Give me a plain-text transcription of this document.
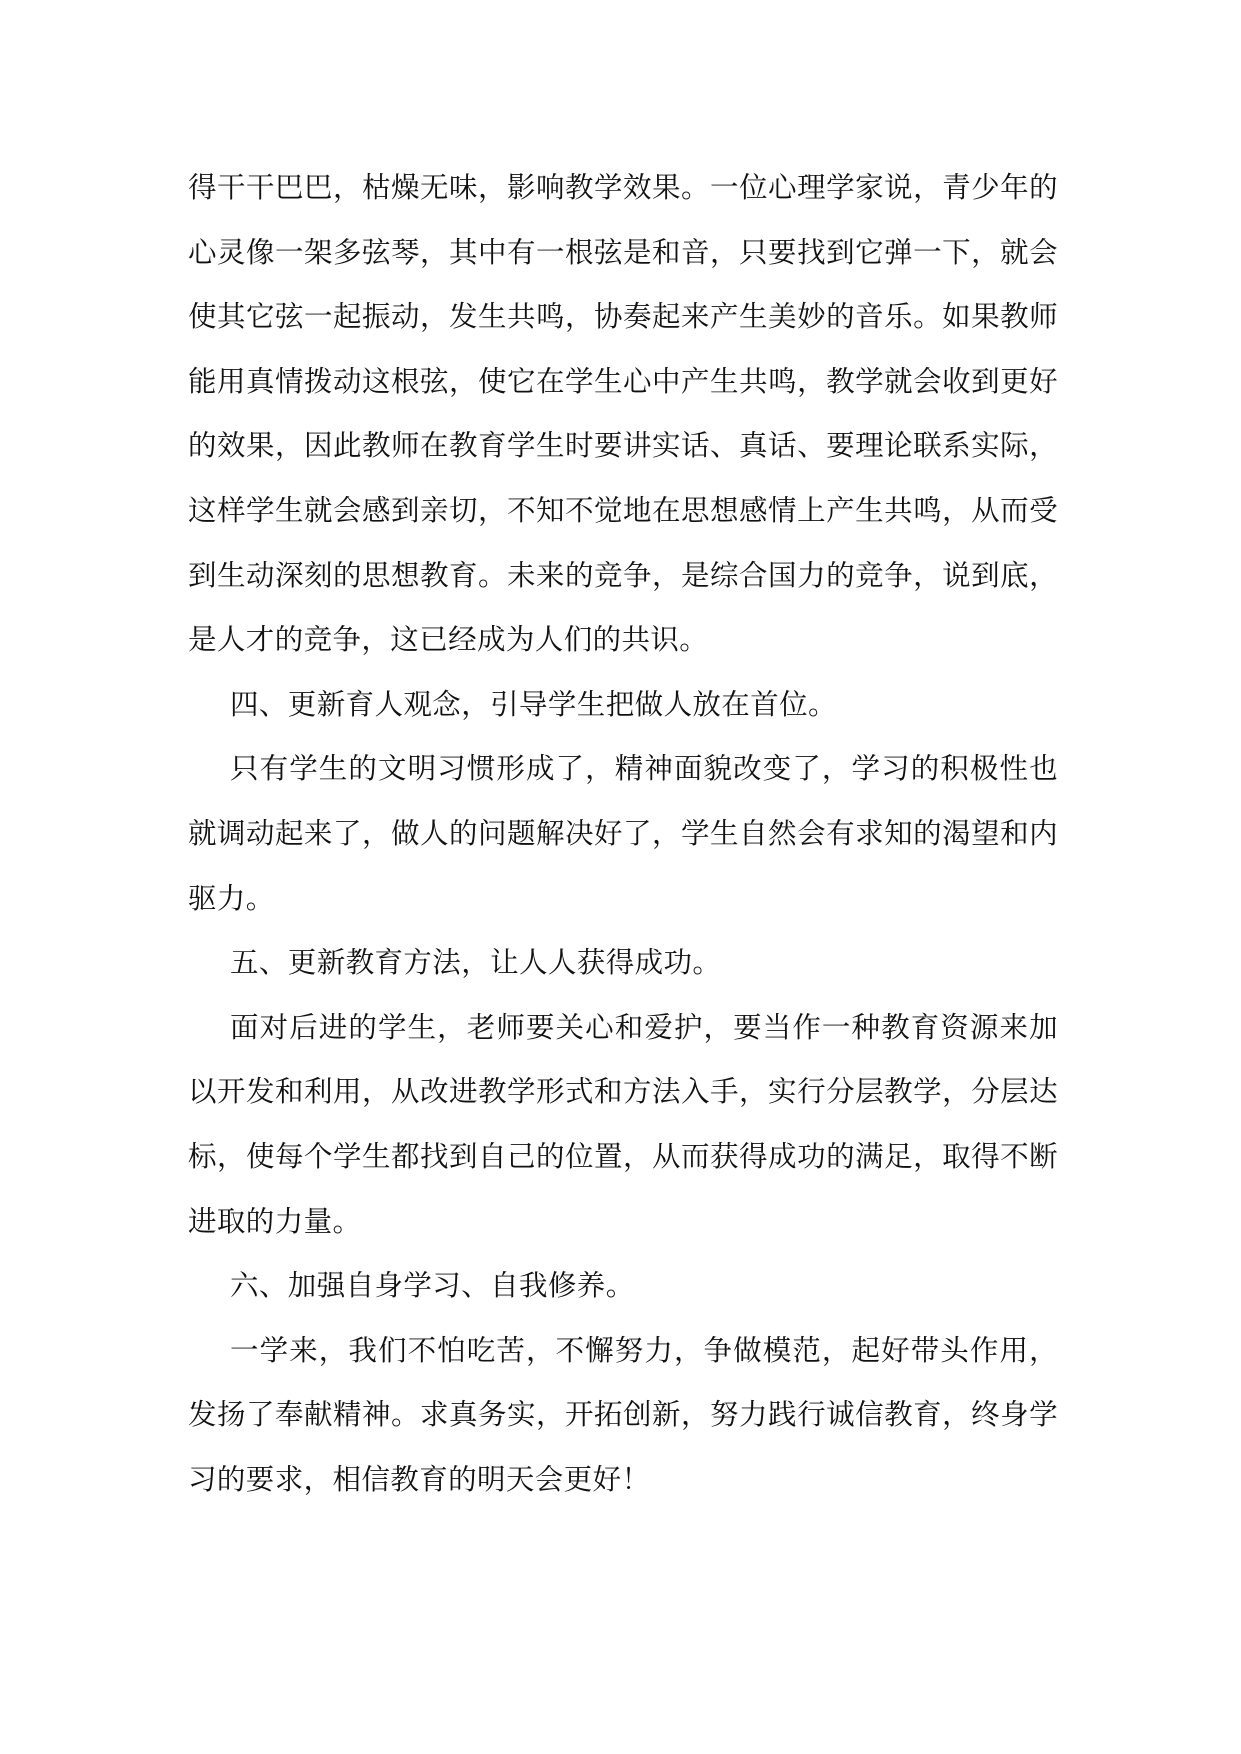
得干干巴巴，枯燥无味，影响教学效果。一位心理学家说，青少年的心灵像一架多弦琴，其中有一根弦是和音，只要找到它弹一下，就会使其它弦一起振动，发生共鸣，协奏起来产生美妙的音乐。如果教师能用真情拨动这根弦，使它在学生心中产生共鸣，教学就会收到更好的效果，因此教师在教育学生时要讲实话、真话、要理论联系实际，这样学生就会感到亲切，不知不觉地在思想感情上产生共鸣，从而受到生动深刻的思想教育。未来的竞争，是综合国力的竞争，说到底，是人才的竞争，这已经成为人们的共识。

四、更新育人观念，引导学生把做人放在首位。

只有学生的文明习惯形成了，精神面貌改变了，学习的积极性也就调动起来了，做人的问题解决好了，学生自然会有求知的渴望和内驱力。

五、更新教育方法，让人人获得成功。

面对后进的学生，老师要关心和爱护，要当作一种教育资源来加以开发和利用，从改进教学形式和方法入手，实行分层教学，分层达标，使每个学生都找到自己的位置，从而获得成功的满足，取得不断进取的力量。

六、加强自身学习、自我修养。

一学来，我们不怕吃苦，不懈努力，争做模范，起好带头作用，发扬了奉献精神。求真务实，开拓创新，努力践行诚信教育，终身学习的要求，相信教育的明天会更好！
